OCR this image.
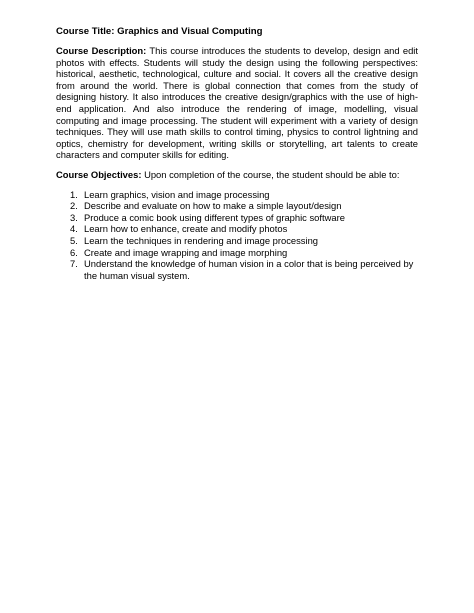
Course Title: Graphics and Visual Computing

Course Description: This course introduces the students to develop, design and edit photos with effects. Students will study the design using the following perspectives: historical, aesthetic, technological, culture and social. It covers all the creative design from around the world. There is global connection that comes from the study of designing history. It also introduces the creative design/graphics with the use of high-end application. And also introduce the rendering of image, modelling, visual computing and image processing. The student will experiment with a variety of design techniques. They will use math skills to control timing, physics to control lightning and optics, chemistry for development, writing skills or storytelling, art talents to create characters and computer skills for editing.

Course Objectives: Upon completion of the course, the student should be able to:

1. Learn graphics, vision and image processing
2. Describe and evaluate on how to make a simple layout/design
3. Produce a comic book using different types of graphic software
4. Learn how to enhance, create and modify photos
5. Learn the techniques in rendering and image processing
6. Create and image wrapping and image morphing
7. Understand the knowledge of human vision in a color that is being perceived by the human visual system.
